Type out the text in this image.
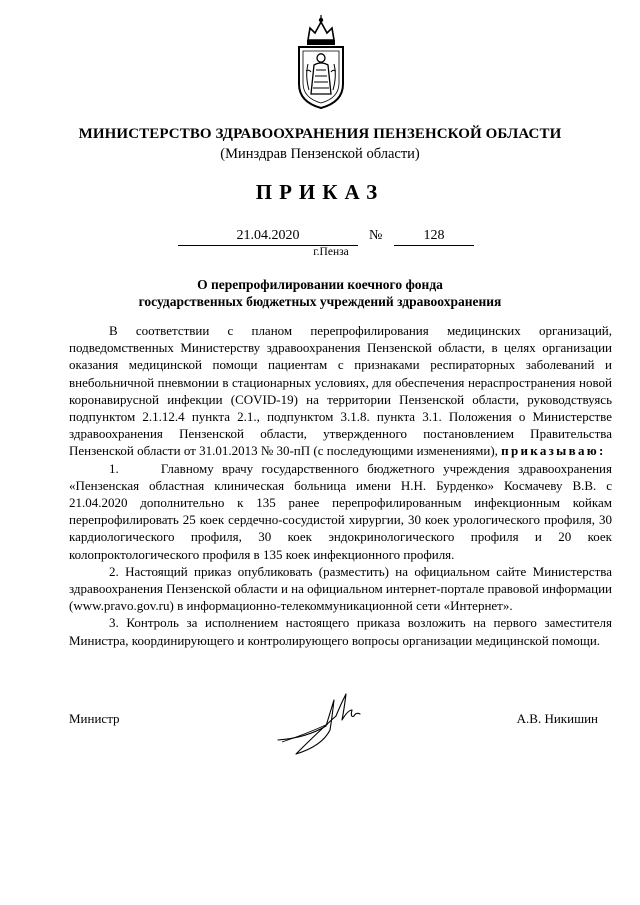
МИНИСТЕРСТВО ЗДРАВООХРАНЕНИЯ ПЕНЗЕНСКОЙ ОБЛАСТИ
(Минздрав Пензенской области)
ПРИКАЗ
21.04.2020	№	128
г.Пенза
О перепрофилировании коечного фонда
государственных бюджетных учреждений здравоохранения

В соответствии с планом перепрофилирования медицинских организаций, подведомственных Министерству здравоохранения Пензенской области, в целях организации оказания медицинской помощи пациентам с признаками респираторных заболеваний и внебольничной пневмонии в стационарных условиях, для обеспечения нераспространения новой коронавирусной инфекции (COVID-19) на территории Пензенской области, руководствуясь подпунктом 2.1.12.4 пункта 2.1., подпунктом 3.1.8. пункта 3.1. Положения о Министерстве здравоохранения Пензенской области, утвержденного постановлением Правительства Пензенской области от 31.01.2013 № 30-пП (с последующими изменениями), приказываю:

1.     Главному врачу государственного бюджетного учреждения здравоохранения «Пензенская областная клиническая больница имени Н.Н. Бурденко» Космачеву В.В. с 21.04.2020 дополнительно к 135 ранее перепрофилированным инфекционным койкам перепрофилировать 25 коек сердечно-сосудистой хирургии, 30 коек урологического профиля, 30 кардиологического профиля, 30 коек эндокринологического профиля и 20 коек колопроктологического профиля в 135 коек инфекционного профиля.

2. Настоящий приказ опубликовать (разместить) на официальном сайте Министерства здравоохранения Пензенской области и на официальном интернет-портале правовой информации (www.pravo.gov.ru) в информационно-телекоммуникационной сети «Интернет».

3. Контроль за исполнением настоящего приказа возложить на первого заместителя Министра, координирующего и контролирующего вопросы организации медицинской помощи.

Министр	А.В. Никишин
